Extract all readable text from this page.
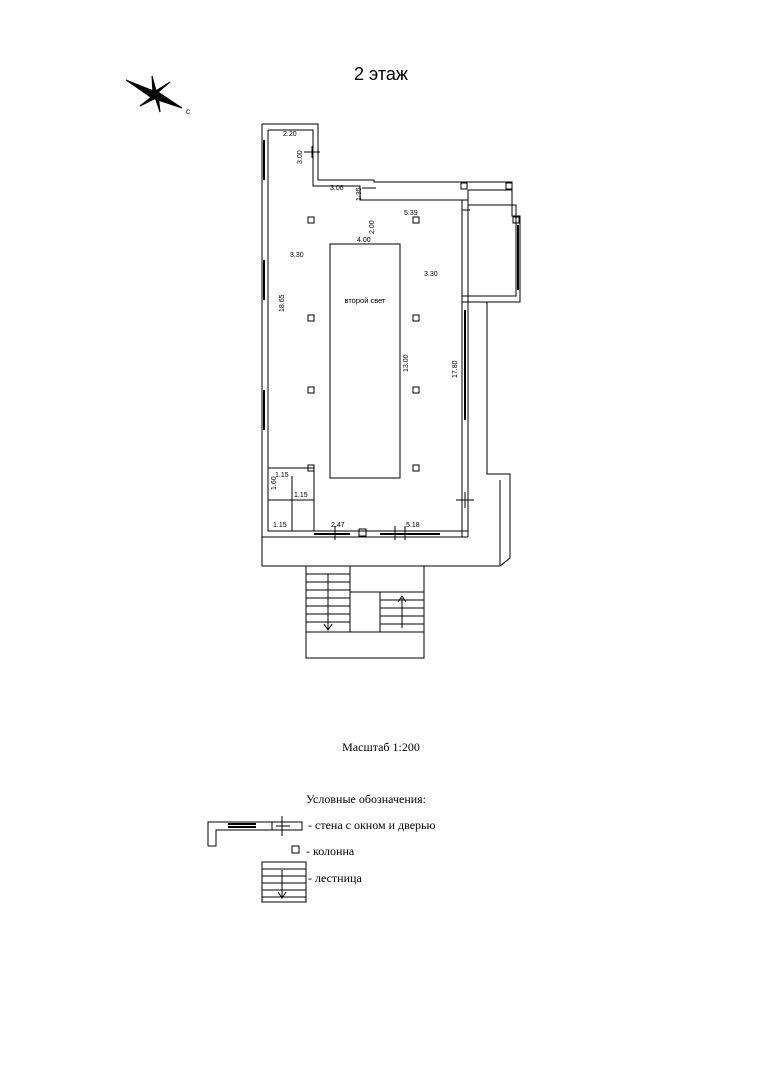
2 этаж
с
второй свет
2.20
3.00
3.06 1.35
5.39
2.00
4.00
3.30
3.30
18.65
13.00	17.80
1.15
1.60
1.15
1.15	2.47	5.18
Масштаб 1:200
Условные обозначения:
- стена с окном и дверью
- колонна
- лестница
